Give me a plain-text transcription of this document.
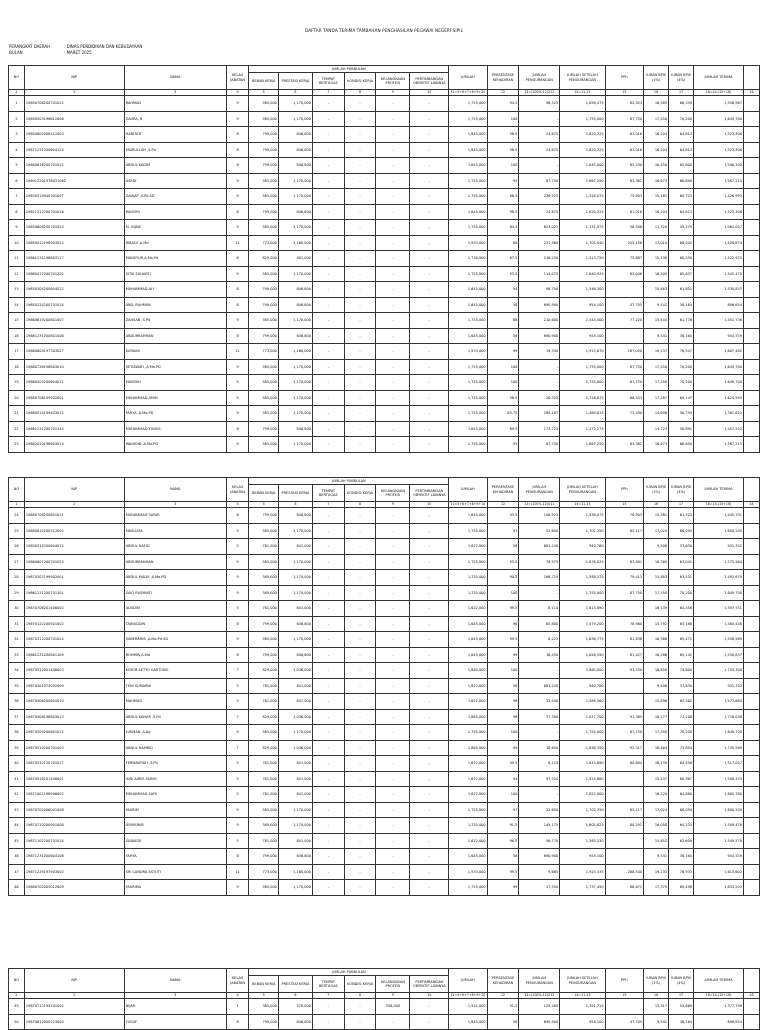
DAFTAR TANDA TERIMA TAMBAHAN PENGHASILAN PEGAWAI NEGERI SIPIL
PERANGKAT DAERAH	: DINAS PENDIDIKAN DAN KEBUDAYAAN
BULAN	: MARET 2025
NO	NIP	NAMA	KELAS JABATAN	JUMLAH PUBBULAN						JUMLAH	PERSENTASE KEHADIRAN	JUMLAH PENGURANGAN	JUMLAH SETELAH PENGURANGAN	PPh	IURAN BPJS (1%)	IURAN BPJS (4%)	JUMLAH TERIMA	
				BEBAN KERJA	PRESTASI KERJA	TEMPAT BERTUGAS	KONDISI KERJA	KELANGKAAN PROFESI	PERTIMBANGAN OBYEKTIF LAINNYA									
1	2	3	4	5	6	7	8	9	10	11=5+6+7+8+9+10	12	13=(100%-12)X11	14=11-13	15	16	17	18=14-(15+16)	18
1	19650708200701012	RAHMAD	9	585,000	1,170,000	-	-	-	-	1,755,000	94.5	96,525	1,658,475	82,923	16,585	66,339	1,558,967	
2	19690503196612006	ZAHRA, B	9	585,000	1,170,000	-	-	-	-	1,755,000	100	-	1,755,000	87,750	17,550	70,200	1,649,700	
3	19650802006112003	HABITATI	8	799,000	846,800	-	-	-	-	1,645,000	98.5	24,675	1,620,325	81,016	16,203	64,813	1,523,306	
4	19671231200604124	FASRULLAH ,S.Pd	8	799,000	846,800	-	-	-	-	1,645,000	98.5	24,675	1,620,325	81,016	16,203	64,813	1,523,306	
5	19680616200701012	ABDUL KADIM	8	799,000	846,800	-	-	-	-	1,645,000	100	-	1,645,000	82,250	16,450	65,800	1,546,300	
6	19691220197803106Z	ASRDI	9	585,000	1,170,000	-	-	-	-	1,755,000	95	87,750	1,667,250	83,362	16,673	66,690	1,567,215	
7	19630319940301007	ZAINAP ,S.Pd.SD	9	585,000	1,170,000	-	-	-	-	1,755,000	86.5	236,925	1,518,075	75,903	15,181	60,723	1,426,993	
8	19621212200701016	RAISORI	8	799,000	846,800	-	-	-	-	1,645,000	98.5	24,675	1,620,325	81,016	16,203	64,813	1,523,306	
9	19650608200701020	M. HIJAIE	9	585,000	1,170,000	-	-	-	-	1,755,000	64.5	623,025	1,131,975	56,598	11,320	45,279	1,064,057	
10	19690512198903022	RIBADI ,A.Md	11	773,000	1,160,000	-	-	-	-	1,933,000	88	231,960	1,701,040	255,156	17,010	68,042	1,428,874	
11	19661231198803117	MANSYUR,A.Ma.Pd	6	829,000	901,000	-	-	-	-	1,730,000	87.5	216,250	1,513,750	75,687	15,138	60,550	1,422,925	
12	19660412200701202	SITIK SUHARTI	9	585,000	1,170,000	-	-	-	-	1,755,000	93.5	114,075	1,640,925	82,046	16,409	65,637	1,542,470	
13	19650304200604012	MUHAMMAD ALI	8	799,000	846,800	-	-	-	-	1,645,000	94	98,700	1,546,300		15,463	61,852	1,530,837	
14	19650224200701014	ABD. RAHMAN	8	799,000	846,800	-	-	-	-	1,645,000	58	690,900	954,100	47,705	9,541	38,164	896,854	
15	19660619200801007	ZAHSAN ,S.Pd	9	585,000	1,170,000	-	-	-	-	1,755,000	88	210,600	1,544,400	77,220	15,444	61,776	1,451,736	
16	19681231200801006	ABDURRAHMAN	8	799,000	846,800	-	-	-	-	1,645,000	58	690,900	954,100		9,541	38,164	944,559	
17	19660605197303027	KURAINI	11	773,000	1,160,000	-	-	-	-	1,933,000	99	19,330	1,913,670	287,050	19,137	76,547	1,607,482	
18	19680726198803010	SETIAWATI ,A.Ma.PD	9	585,000	1,170,000	-	-	-	-	1,755,000	100	-	1,755,000	87,750	17,550	70,200	1,649,700	
19	19660203200604011	MASRAH	9	585,000	1,170,000	-	-	-	-	1,755,000	100	-	1,755,000	87,750	17,550	70,200	1,649,700	
20	19680706199902001	MUHAMMAD AMIN	9	585,000	1,170,000	-	-	-	-	1,755,000	98.5	26,325	1,728,675	86,433	17,287	69,147	1,624,955	
21	19680514199403012	FAHYA ,A.Ma.PD	9	585,000	1,170,000	-	-	-	-	1,755,000	83.75	285,187	1,469,813	73,490	14,698	58,793	1,381,625	
22	19661231200701344	MUHAMMAD YUNUS	8	799,000	846,800	-	-	-	-	1,645,000	89.5	172,725	1,472,275		14,723	58,891	1,457,552	
23	19682020198603014	WAHIDIN ,A.Ma.PD	9	585,000	1,170,000	-	-	-	-	1,755,000	95	87,750	1,667,250	83,362	16,673	66,690	1,567,215	
NO	NIP	NAMA	KELAS JABATAN	JUMLAH PUBBULAN						JUMLAH	PERSENTASE KEHADIRAN	JUMLAH PENGURANGAN	JUMLAH SETELAH PENGURANGAN	PPh	IURAN BPJS (1%)	IURAN BPJS (4%)	JUMLAH TERIMA	
				BEBAN KERJA	PRESTASI KERJA	TEMPAT BERTUGAS	KONDISI KERJA	KELANGKAAN PROFESI	PERTIMBANGAN OBYEKTIF LAINNYA									
1	2	3	4	5	6	7	8	9	10	11=5+6+7+8+9+10	12	13=(100%-12)X11	14=11-13	15	16	17	18=14-(15+16)	18
24	19680708200801011	MUHAMMAD SATAR	8	799,000	846,800	-	-	-	-	1,645,000	93.5	106,925	1,538,075	76,903	15,381	61,523	1,445,791	
25	19680814200312002	MASLIATA	9	585,000	1,170,000	-	-	-	-	1,755,000	97	52,650	1,702,350	85,117	17,024	68,094	1,600,209	
26	19650314200604012	ABDUL HAFID	5	781,000	841,000	-	-	-	-	1,622,000	58	681,240	940,760		9,408	37,630	931,352	
27	19660601200701023	ABDURRAHMAN	9	585,000	1,170,000	-	-	-	-	1,755,000	95.5	78,975	1,676,025	83,801	16,760	67,041	1,575,464	
28	19670307199902001	ABDUL MALIK ,A.Ma.PD	9	585,000	1,170,000	-	-	-	-	1,755,000	90.5	166,725	1,588,275	79,413	15,883	63,531	1,492,979	
29	19661231200701201	SAIQ RUSMIATI	9	585,000	1,170,000	-	-	-	-	1,755,000	100	-	1,755,000	87,750	17,550	70,200	1,649,700	
30	19670706201406002	ALISDIM	5	781,000	841,000	-	-	-	-	1,622,000	99.5	8,110	1,613,890		16,139	64,556	1,597,751	
31	19670122200501002	TAJNUDDIN	8	799,000	846,800	-	-	-	-	1,645,000	96	65,800	1,579,200	78,960	15,792	63,168	1,484,448	
32	19670312200701024	SABERAHIB ,A.Ma.Pd.SD	9	585,000	1,170,000	-	-	-	-	1,645,000	99.5	8,225	1,636,775	81,838	16,368	65,471	1,538,569	
33	19661231200801109	ROHMIN,A.Md	8	799,000	846,800	-	-	-	-	1,645,000	99	16,450	1,628,550	81,427	16,286	65,142	1,530,837	
34	19670512001406003	KOYOR SETYO HARTONO	7	829,000	1,036,000	-	-	-	-	1,865,000	100	-	1,865,000	93,250	18,650	74,600	1,753,300	
35	19670201973032009	TENI SUMARNI	5	781,000	841,000	-	-	-	-	1,622,000	58	681,240	940,760		9,408	37,630	931,352	
36	19670406200801010	MAHMUD	5	781,000	841,000	-	-	-	-	1,622,000	98	32,440	1,589,560		15,896	63,582	1,573,664	
37	19670408198803013	ABDUL KAHAR ,S.Pd	7	829,000	1,036,000	-	-	-	-	1,865,000	98	37,300	1,827,700	91,385	18,277	73,108	1,718,038	
38	19670509200801012	LUKMAN ,S.Ag	9	585,000	1,170,000	-	-	-	-	1,755,000	100	-	1,755,000	87,750	17,550	70,200	1,649,700	
39	19670510200701003	ABDUL HAMRID	7	829,000	1,036,000	-	-	-	-	1,865,000	99	18,650	1,846,350	92,317	18,464	73,854	1,735,569	
40	19670512120701017	FERMAWYAH ,S.Pd	5	781,000	841,000	-	-	-	-	1,622,000	99.5	8,110	1,613,890	80,694	16,139	64,556	1,517,057	
41	19670918201406001	IONI AIRES SUBHI	5	781,000	841,000	-	-	-	-	1,622,000	94	97,320	1,524,680		15,247	60,987	1,508,433	
42	19671001198906002	MUHAMMAD SAFII	5	781,000	841,000	-	-	-	-	1,622,000	100	-	1,622,000		16,220	64,880	1,605,780	
43	19670702006041008	YASRIM	9	585,000	1,170,000	-	-	-	-	1,755,000	97	52,650	1,702,350	85,117	17,024	68,094	1,600,209	
44	19670710200901008	USMISRAR	9	585,000	1,170,000	-	-	-	-	1,755,000	91.5	149,175	1,605,825	80,291	16,058	64,233	1,509,476	
45	19671102200701014	SUBAEDI	5	781,000	841,000	-	-	-	-	1,622,000	96.5	56,770	1,565,230		15,652	62,609	1,549,578	
46	19671231200604108	FAHYA	8	799,000	846,800	-	-	-	-	1,645,000	58	690,900	954,100		9,541	38,164	944,559	
47	19671229197903002	SRI CANDRA ASTUTI	11	773,000	1,160,000	-	-	-	-	1,933,000	99.5	9,665	1,923,335	288,500	19,233	76,933	1,615,602	
48	19680702005012009	YASRIMA	9	585,000	1,170,000	-	-	-	-	1,755,000	99	17,550	1,737,450	86,872	17,375	69,498	1,633,203	
NO	NIP	NAMA	KELAS JABATAN	JUMLAH PUBBULAN						JUMLAH	PERSENTASE KEHADIRAN	JUMLAH PENGURANGAN	JUMLAH SETELAH PENGURANGAN	PPh	IURAN BPJS (1%)	IURAN BPJS (4%)	JUMLAH TERIMA	
				BEBAN KERJA	PRESTASI KERJA	TEMPAT BERTUGAS	KONDISI KERJA	KELANGKAAN PROFESI	PERTIMBANGAN OBYEKTIF LAINNYA									
1	2	3	4	5	6	7	8	9	10	11=5+6+7+8+9+10	12	13=(100%-12)X11	14=11-13	15	16	17	18=14-(15+16)	18
49	19670712195101002	NIJAH	1	385,000	578,000	-	-	558,000	-	1,521,000	91.5	129,285	1,391,715		13,917	55,669	1,377,798	
50	19670812000123004	YUSUF	8	799,000	846,800	-	-	-	-	1,645,000	58	690,900	954,100	47,705	9,541	38,164	896,854	
